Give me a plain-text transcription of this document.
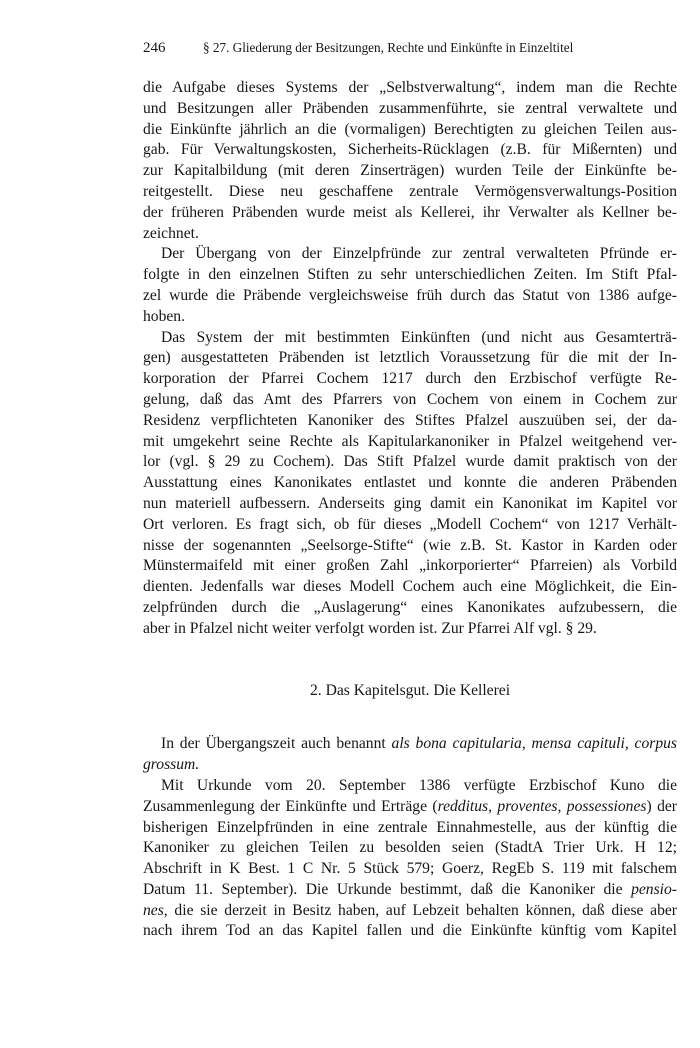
246	§ 27. Gliederung der Besitzungen, Rechte und Einkünfte in Einzeltitel

die Aufgabe dieses Systems der „Selbstverwaltung“, indem man die Rechte
und Besitzungen aller Präbenden zusammenführte, sie zentral verwaltete und
die Einkünfte jährlich an die (vormaligen) Berechtigten zu gleichen Teilen aus-
gab. Für Verwaltungskosten, Sicherheits-Rücklagen (z.B. für Mißernten) und
zur Kapitalbildung (mit deren Zinserträgen) wurden Teile der Einkünfte be-
reitgestellt. Diese neu geschaffene zentrale Vermögensverwaltungs-Position
der früheren Präbenden wurde meist als Kellerei, ihr Verwalter als Kellner be-
zeichnet.

Der Übergang von der Einzelpfründe zur zentral verwalteten Pfründe er-
folgte in den einzelnen Stiften zu sehr unterschiedlichen Zeiten. Im Stift Pfal-
zel wurde die Präbende vergleichsweise früh durch das Statut von 1386 aufge-
hoben.

Das System der mit bestimmten Einkünften (und nicht aus Gesamterträ-
gen) ausgestatteten Präbenden ist letztlich Voraussetzung für die mit der In-
korporation der Pfarrei Cochem 1217 durch den Erzbischof verfügte Re-
gelung, daß das Amt des Pfarrers von Cochem von einem in Cochem zur
Residenz verpflichteten Kanoniker des Stiftes Pfalzel auszuüben sei, der da-
mit umgekehrt seine Rechte als Kapitularkanoniker in Pfalzel weitgehend ver-
lor (vgl. § 29 zu Cochem). Das Stift Pfalzel wurde damit praktisch von der
Ausstattung eines Kanonikates entlastet und konnte die anderen Präbenden
nun materiell aufbessern. Anderseits ging damit ein Kanonikat im Kapitel vor
Ort verloren. Es fragt sich, ob für dieses „Modell Cochem“ von 1217 Verhält-
nisse der sogenannten „Seelsorge-Stifte“ (wie z.B. St. Kastor in Karden oder
Münstermaifeld mit einer großen Zahl „inkorporierter“ Pfarreien) als Vorbild
dienten. Jedenfalls war dieses Modell Cochem auch eine Möglichkeit, die Ein-
zelpfründen durch die „Auslagerung“ eines Kanonikates aufzubessern, die
aber in Pfalzel nicht weiter verfolgt worden ist. Zur Pfarrei Alf vgl. § 29.

2. Das Kapitelsgut. Die Kellerei

In der Übergangszeit auch benannt als bona capitularia, mensa capituli, corpus
grossum.

Mit Urkunde vom 20. September 1386 verfügte Erzbischof Kuno die
Zusammenlegung der Einkünfte und Erträge (redditus, proventes, possessiones) der
bisherigen Einzelpfründen in eine zentrale Einnahmestelle, aus der künftig die
Kanoniker zu gleichen Teilen zu besolden seien (StadtA Trier Urk. H 12;
Abschrift in K Best. 1 C Nr. 5 Stück 579; Goerz, RegEb S. 119 mit falschem
Datum 11. September). Die Urkunde bestimmt, daß die Kanoniker die pensio-
nes, die sie derzeit in Besitz haben, auf Lebzeit behalten können, daß diese aber
nach ihrem Tod an das Kapitel fallen und die Einkünfte künftig vom Kapitel
